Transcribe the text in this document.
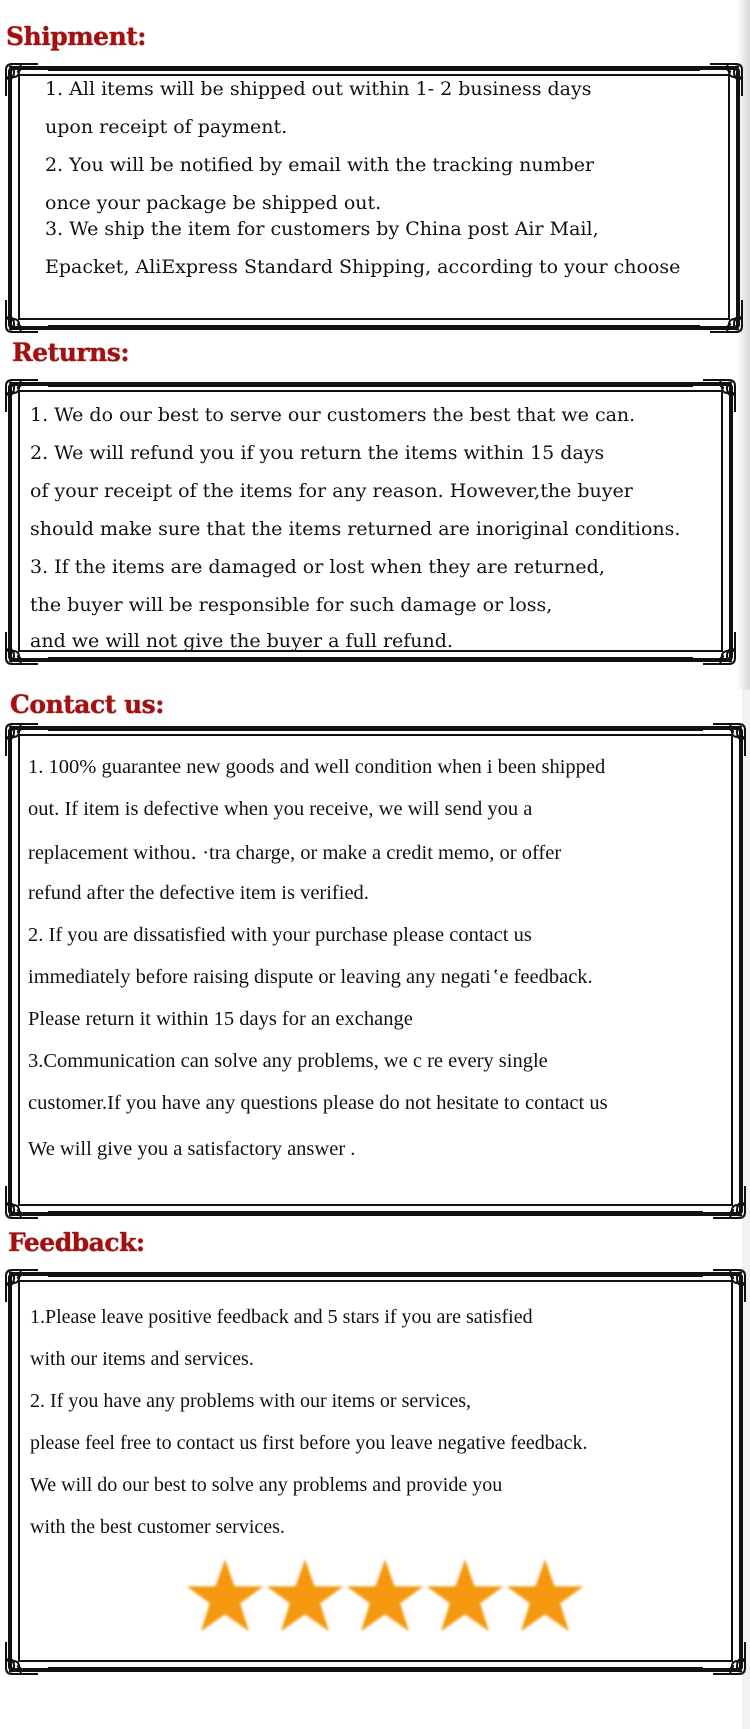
Shipment:
1. All items will be shipped out within 1- 2 business days
upon receipt of payment.
2. You will be notified by email with the tracking number
once your package be shipped out.
3. We ship the item for customers by China post Air Mail,
Epacket, AliExpress Standard Shipping, according to your choose
Returns:
1. We do our best to serve our customers the best that we can.
2. We will refund you if you return the items within 15 days
of your receipt of the items for any reason. However,the buyer
should make sure that the items returned are inoriginal conditions.
3. If the items are damaged or lost when they are returned,
the buyer will be responsible for such damage or loss,
and we will not give the buyer a full refund.
Contact us:
1. 100% guarantee new goods and well condition when i been shipped
out. If item is defective when you receive, we will send you a
replacement withou․ ·tra charge, or make a credit memo, or offer
refund after the defective item is verified.
2. If you are dissatisfied with your purchase please contact us
immediately before raising dispute or leaving any negati ʽe feedback.
Please return it within 15 days for an exchange
3.Communication can solve any problems, we c re every single
customer.If you have any questions please do not hesitate to contact us
We will give you a satisfactory answer .
Feedback:
1.Please leave positive feedback and 5 stars if you are satisfied
with our items and services.
2. If you have any problems with our items or services,
please feel free to contact us first before you leave negative feedback.
We will do our best to solve any problems and provide you
with the best customer services.
